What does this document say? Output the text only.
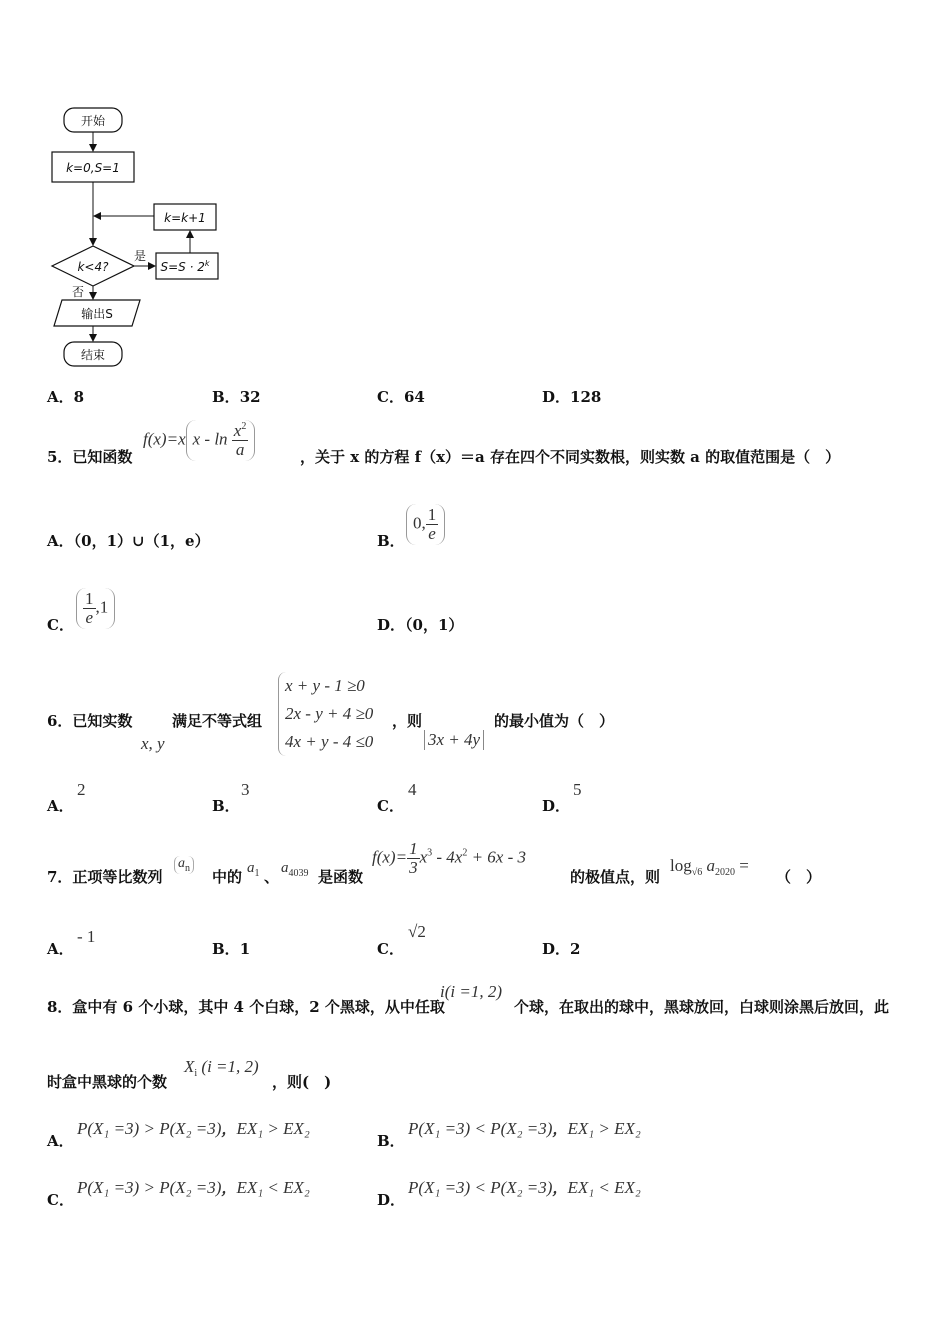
开始
k=0,S=1
k=k+1
k<4?
是
$S=S \cdot 2^k$
否
输出S
结束
A．8	B．32	C．64	D．128
5．已知函数
f(x)=x x - $\ln \frac{x^2}{a}$	，关于 x 的方程 f（x）＝a 存在四个不同实数根，则实数 a 的取值范围是（　）
A．（0，1）∪（1，e）	B．
0, $\frac{1}{e}$
C． $\frac{1}{e} ,1$
D．（0，1）
6．已知实数
x, y
满足不等式组
x + y - 1 ≥0
2x - y + 4 ≥0
4x + y - 4 ≤0
，则
3x + 4y
的最小值为（　）
A．
2
B．
3
C．
4
D．
5
7．正项等比数列
$a_n$ 中的 $a_1$ 、 $a_{4039}$ 是函数
$f(x)= \frac{1}{3} x^3 - 4x^2 + 6x - 3$
的极值点，则
$\log_{√6} a_{2020}$ =
（　）
A．
- 1
B．1	C．
√2
D．2
8．盒中有 6 个小球，其中 4 个白球，2 个黑球，从中任取
i(i =1, 2)
个球，在取出的球中，黑球放回，白球则涂黑后放回，此
时盒中黑球的个数
$X_i$ (i =1, 2)
，则(　)
A．
P(X₁ =3) > P(X₂ =3)，EX₁ > EX₂
B．
P(X₁ =3) < P(X₂ =3)，EX₁ > EX₂
C．
P(X₁ =3) > P(X₂ =3)，EX₁ < EX₂
D．
P(X₁ =3) < P(X₂ =3)，EX₁ < EX₂
